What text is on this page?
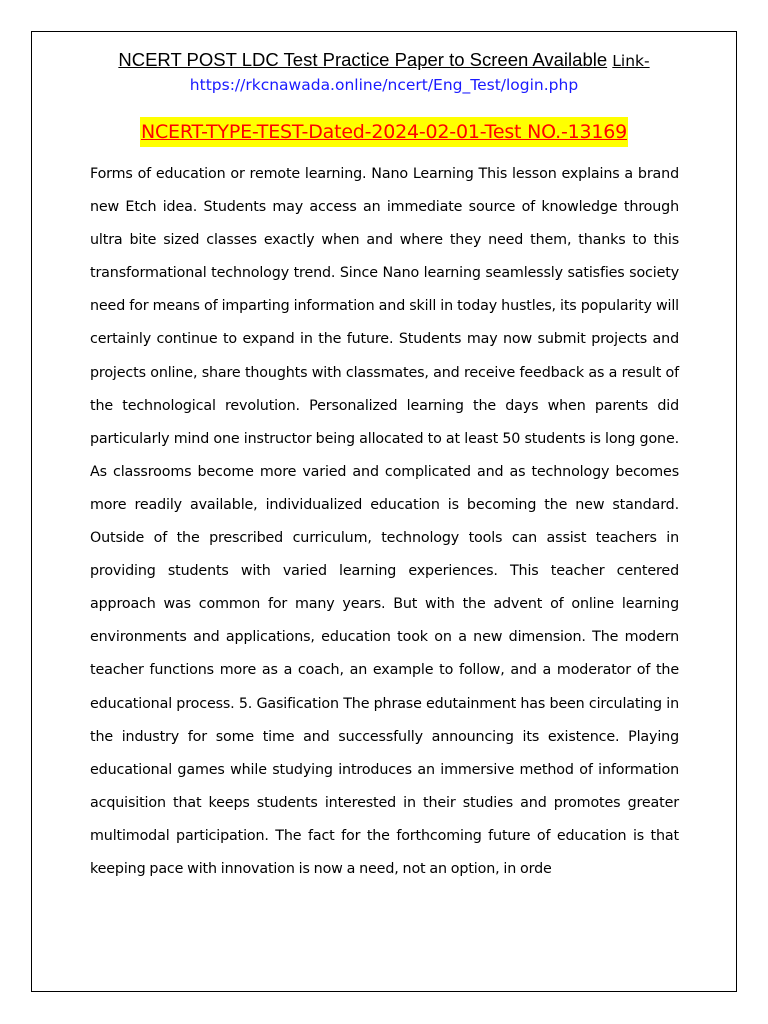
NCERT POST LDC Test Practice Paper to Screen Available Link-
https://rkcnawada.online/ncert/Eng_Test/login.php
NCERT-TYPE-TEST-Dated-2024-02-01-Test NO.-13169

Forms of education or remote learning. Nano Learning This lesson explains a brand new Etch idea. Students may access an immediate source of knowledge through ultra bite sized classes exactly when and where they need them, thanks to this transformational technology trend. Since Nano learning seamlessly satisfies society need for means of imparting information and skill in today hustles, its popularity will certainly continue to expand in the future. Students may now submit projects and projects online, share thoughts with classmates, and receive feedback as a result of the technological revolution. Personalized learning the days when parents did particularly mind one instructor being allocated to at least 50 students is long gone. As classrooms become more varied and complicated and as technology becomes more readily available, individualized education is becoming the new standard. Outside of the prescribed curriculum, technology tools can assist teachers in providing students with varied learning experiences. This teacher centered approach was common for many years. But with the advent of online learning environments and applications, education took on a new dimension. The modern teacher functions more as a coach, an example to follow, and a moderator of the educational process. 5. Gasification The phrase edutainment has been circulating in the industry for some time and successfully announcing its existence. Playing educational games while studying introduces an immersive method of information acquisition that keeps students interested in their studies and promotes greater multimodal participation. The fact for the forthcoming future of education is that keeping pace with innovation is now a need, not an option, in orde
